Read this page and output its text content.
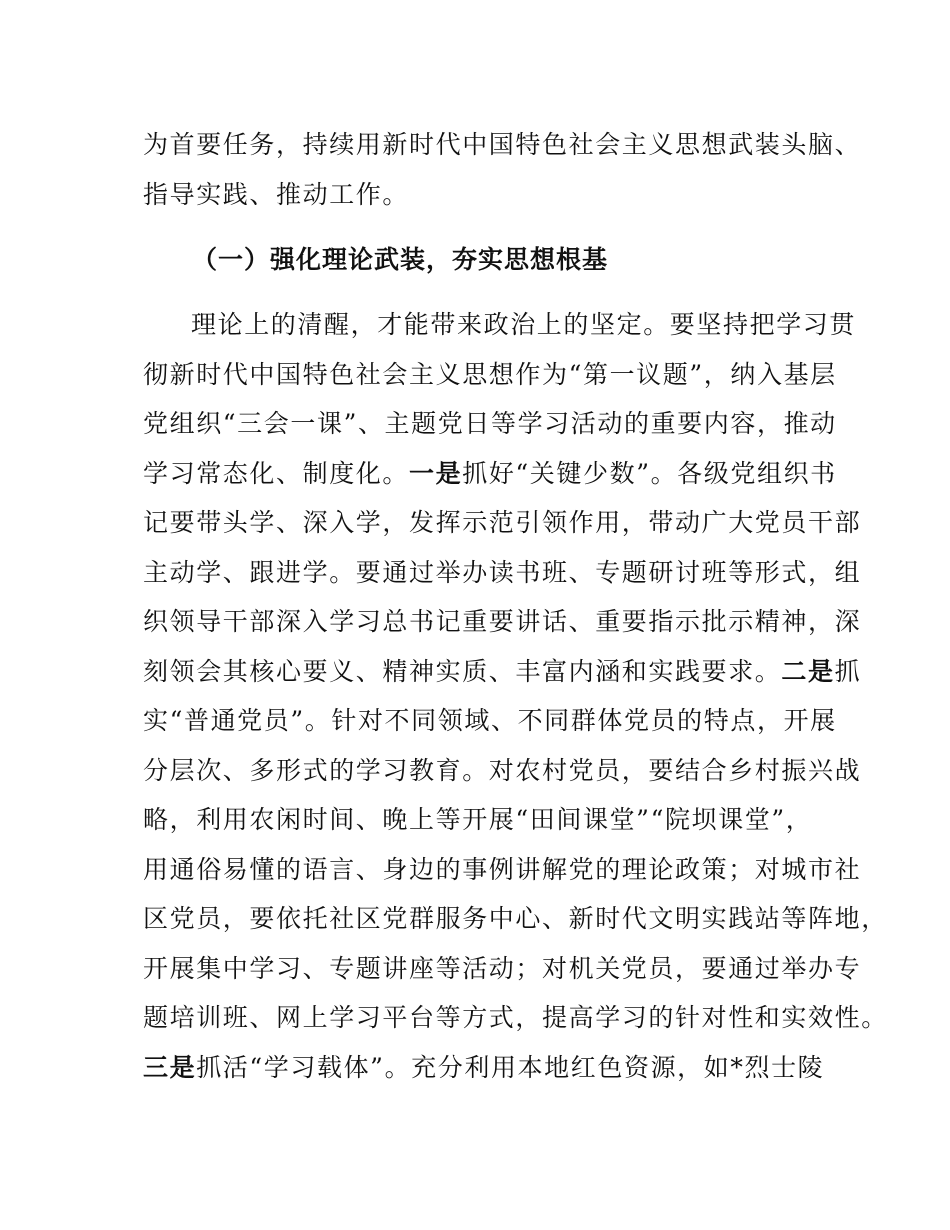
为首要任务，持续用新时代中国特色社会主义思想武装头脑、
指导实践、推动工作。
（一）强化理论武装，夯实思想根基
理论上的清醒，才能带来政治上的坚定。要坚持把学习贯
彻新时代中国特色社会主义思想作为“第一议题”，纳入基层
党组织“三会一课”、主题党日等学习活动的重要内容，推动
学习常态化、制度化。一是抓好“关键少数”。各级党组织书
记要带头学、深入学，发挥示范引领作用，带动广大党员干部
主动学、跟进学。要通过举办读书班、专题研讨班等形式，组
织领导干部深入学习总书记重要讲话、重要指示批示精神，深
刻领会其核心要义、精神实质、丰富内涵和实践要求。二是抓
实“普通党员”。针对不同领域、不同群体党员的特点，开展
分层次、多形式的学习教育。对农村党员，要结合乡村振兴战
略，利用农闲时间、晚上等开展“田间课堂”“院坝课堂”，
用通俗易懂的语言、身边的事例讲解党的理论政策；对城市社
区党员，要依托社区党群服务中心、新时代文明实践站等阵地，
开展集中学习、专题讲座等活动；对机关党员，要通过举办专
题培训班、网上学习平台等方式，提高学习的针对性和实效性。
三是抓活“学习载体”。充分利用本地红色资源，如*烈士陵
